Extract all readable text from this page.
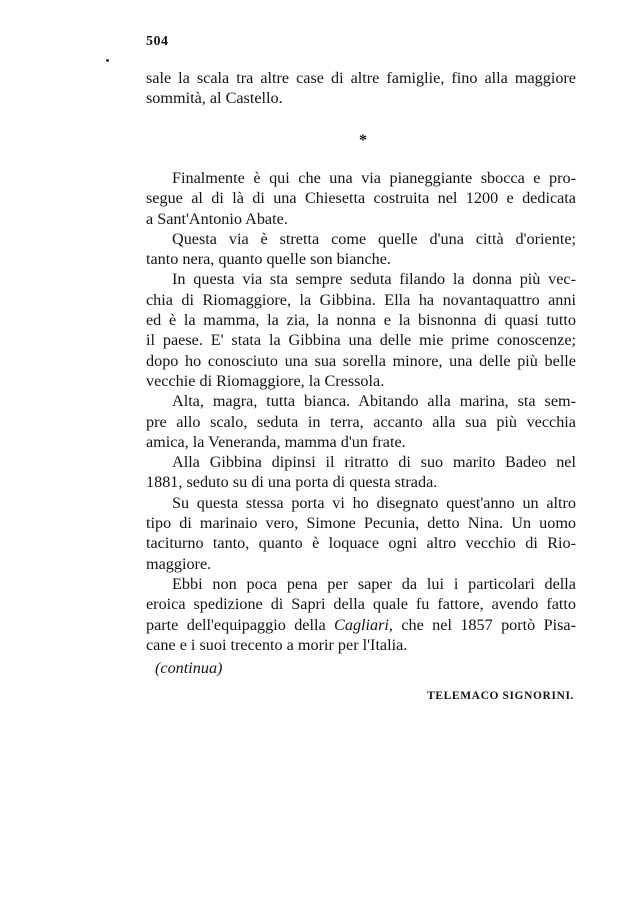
504
sale la scala tra altre case di altre famiglie, fino alla maggiore
sommità, al Castello.
*
Finalmente è qui che una via pianeggiante sbocca e pro-
segue al di là di una Chiesetta costruita nel 1200 e dedicata
a Sant'Antonio Abate.
Questa via è stretta come quelle d'una città d'oriente;
tanto nera, quanto quelle son bianche.
In questa via sta sempre seduta filando la donna più vec-
chia di Riomaggiore, la Gibbina. Ella ha novantaquattro anni
ed è la mamma, la zia, la nonna e la bisnonna di quasi tutto
il paese. E' stata la Gibbina una delle mie prime conoscenze;
dopo ho conosciuto una sua sorella minore, una delle più belle
vecchie di Riomaggiore, la Cressola.
Alta, magra, tutta bianca. Abitando alla marina, sta sem-
pre allo scalo, seduta in terra, accanto alla sua più vecchia
amica, la Veneranda, mamma d'un frate.
Alla Gibbina dipinsi il ritratto di suo marito Badeo nel
1881, seduto su di una porta di questa strada.
Su questa stessa porta vi ho disegnato quest'anno un altro
tipo di marinaio vero, Simone Pecunia, detto Nina. Un uomo
taciturno tanto, quanto è loquace ogni altro vecchio di Rio-
maggiore.
Ebbi non poca pena per saper da lui i particolari della
eroica spedizione di Sapri della quale fu fattore, avendo fatto
parte dell'equipaggio della Cagliari, che nel 1857 portò Pisa-
cane e i suoi trecento a morir per l'Italia.
(continua)
TELEMACO SIGNORINI.
